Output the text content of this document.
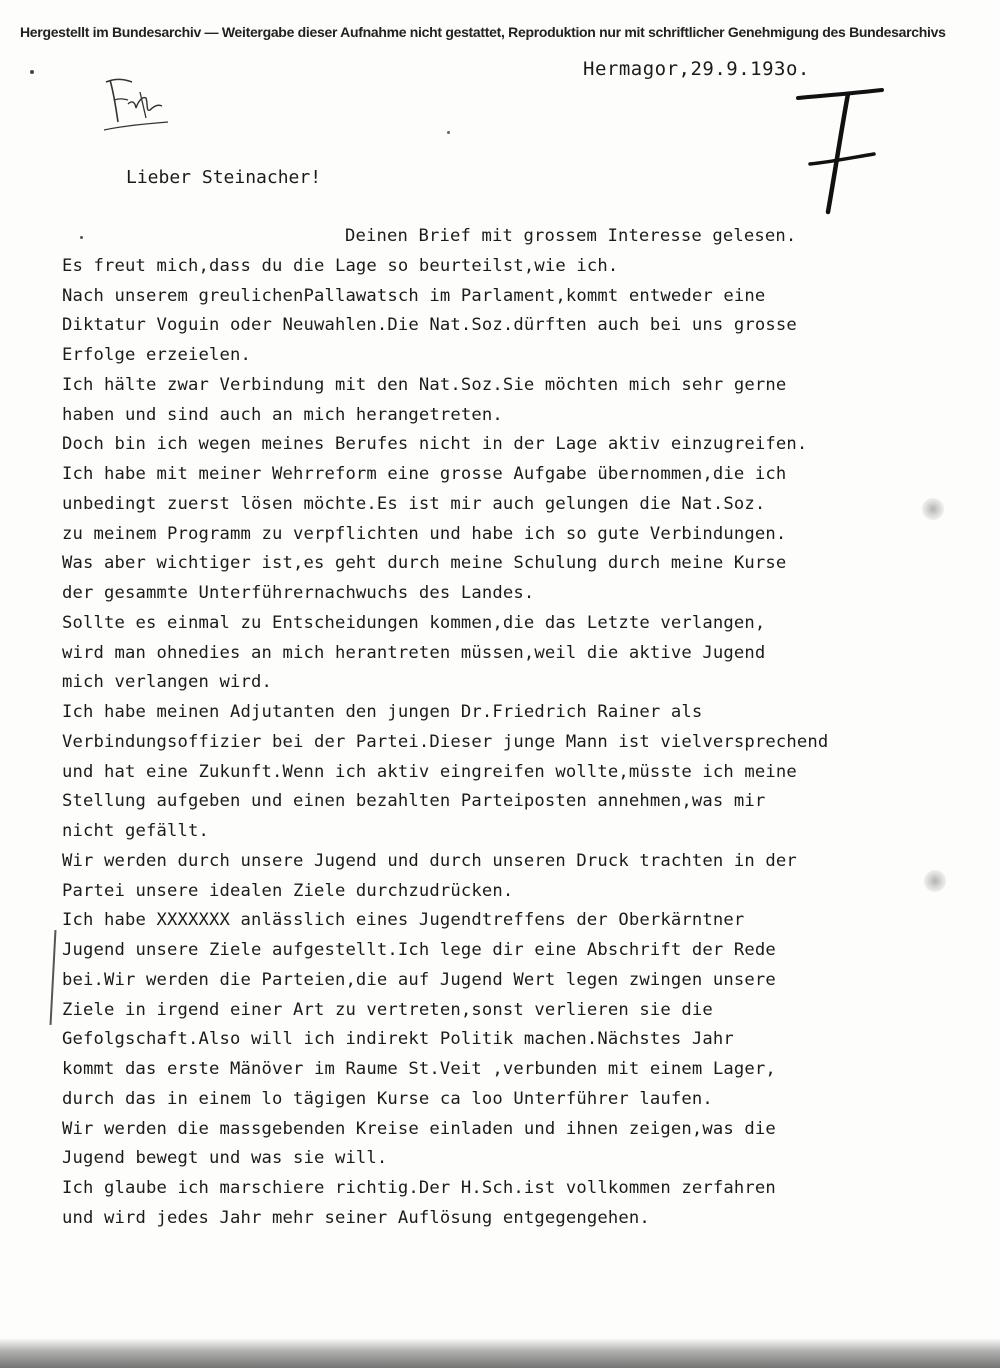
Hergestellt im Bundesarchiv — Weitergabe dieser Aufnahme nicht gestattet, Reproduktion nur mit schriftlicher Genehmigung des Bundesarchivs
Hermagor,29.9.193o.
Lieber Steinacher!
Deinen Brief mit grossem Interesse gelesen.
Es freut mich,dass du die Lage so beurteilst,wie ich.
Nach unserem greulichenPallawatsch im Parlament,kommt entweder eine
Diktatur Voguin oder Neuwahlen.Die Nat.Soz.dürften auch bei uns grosse
Erfolge erzeielen.
Ich hälte zwar Verbindung mit den Nat.Soz.Sie möchten mich sehr gerne
haben und sind auch an mich herangetreten.
Doch bin ich wegen meines Berufes nicht in der Lage aktiv einzugreifen.
Ich habe mit meiner Wehrreform eine grosse Aufgabe übernommen,die ich
unbedingt zuerst lösen möchte.Es ist mir auch gelungen die Nat.Soz.
zu meinem Programm zu verpflichten und habe ich so gute Verbindungen.
Was aber wichtiger ist,es geht durch meine Schulung durch meine Kurse
der gesammte Unterführernachwuchs des Landes.
Sollte es einmal zu Entscheidungen kommen,die das Letzte verlangen,
wird man ohnedies an mich herantreten müssen,weil die aktive Jugend
mich verlangen wird.
Ich habe meinen Adjutanten den jungen Dr.Friedrich Rainer als
Verbindungsoffizier bei der Partei.Dieser junge Mann ist vielversprechend
und hat eine Zukunft.Wenn ich aktiv eingreifen wollte,müsste ich meine
Stellung aufgeben und einen bezahlten Parteiposten annehmen,was mir
nicht gefällt.
Wir werden durch unsere Jugend und durch unseren Druck trachten in der
Partei unsere idealen Ziele durchzudrücken.
Ich habe XXXXXXX anlässlich eines Jugendtreffens der Oberkärntner
Jugend unsere Ziele aufgestellt.Ich lege dir eine Abschrift der Rede
bei.Wir werden die Parteien,die auf Jugend Wert legen zwingen unsere
Ziele in irgend einer Art zu vertreten,sonst verlieren sie die
Gefolgschaft.Also will ich indirekt Politik machen.Nächstes Jahr
kommt das erste Mänöver im Raume St.Veit ,verbunden mit einem Lager,
durch das in einem lo tägigen Kurse ca loo Unterführer laufen.
Wir werden die massgebenden Kreise einladen und ihnen zeigen,was die
Jugend bewegt und was sie will.
Ich glaube ich marschiere richtig.Der H.Sch.ist vollkommen zerfahren
und wird jedes Jahr mehr seiner Auflösung entgegengehen.
